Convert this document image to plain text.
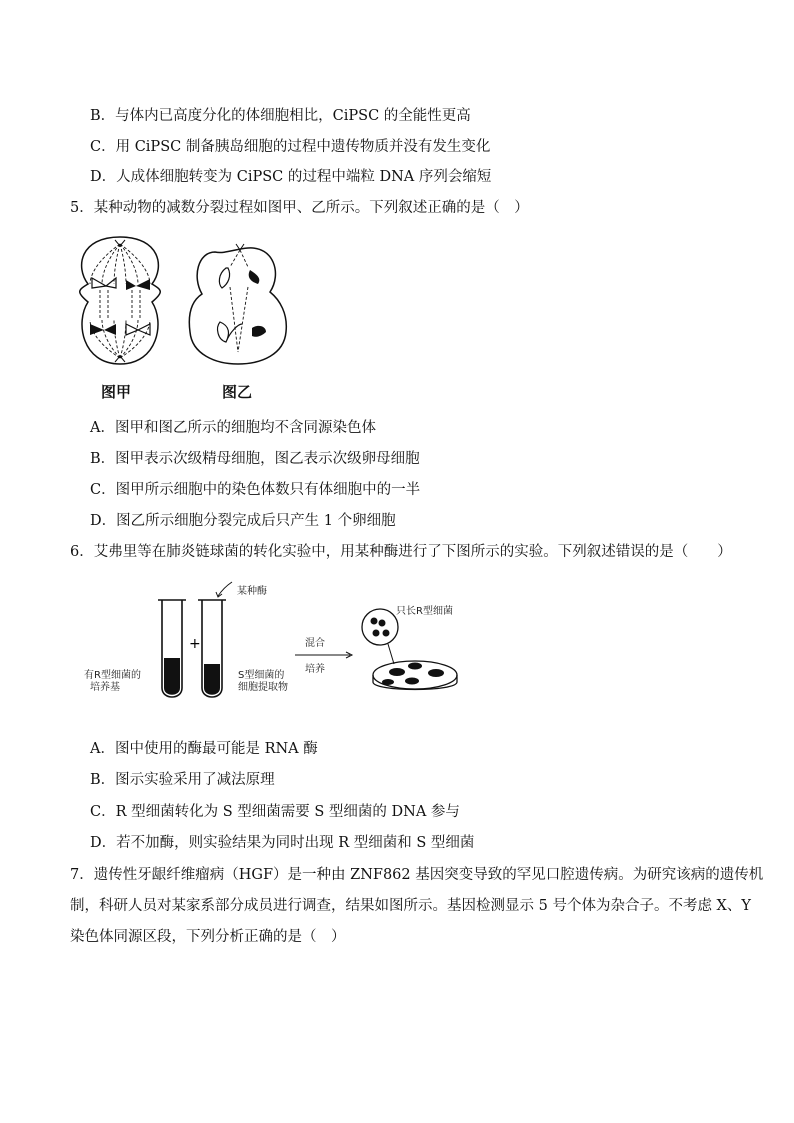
B．与体内已高度分化的体细胞相比，CiPSC 的全能性更高
C．用 CiPSC 制备胰岛细胞的过程中遗传物质并没有发生变化
D．人成体细胞转变为 CiPSC 的过程中端粒 DNA 序列会缩短
5．某种动物的减数分裂过程如图甲、乙所示。下列叙述正确的是（　）
图甲	图乙
A．图甲和图乙所示的细胞均不含同源染色体
B．图甲表示次级精母细胞，图乙表示次级卵母细胞
C．图甲所示细胞中的染色体数只有体细胞中的一半
D．图乙所示细胞分裂完成后只产生 1 个卵细胞
6．艾弗里等在肺炎链球菌的转化实验中，用某种酶进行了下图所示的实验。下列叙述错误的是（　　）
+
某种酶
只长R型细菌
混合
培养
有R型细菌的
培养基
S型细菌的
细胞提取物
A．图中使用的酶最可能是 RNA 酶
B．图示实验采用了减法原理
C．R 型细菌转化为 S 型细菌需要 S 型细菌的 DNA 参与
D．若不加酶，则实验结果为同时出现 R 型细菌和 S 型细菌
7．遗传性牙龈纤维瘤病（HGF）是一种由 ZNF862 基因突变导致的罕见口腔遗传病。为研究该病的遗传机
制，科研人员对某家系部分成员进行调查，结果如图所示。基因检测显示 5 号个体为杂合子。不考虑 X、Y
染色体同源区段，下列分析正确的是（　）
